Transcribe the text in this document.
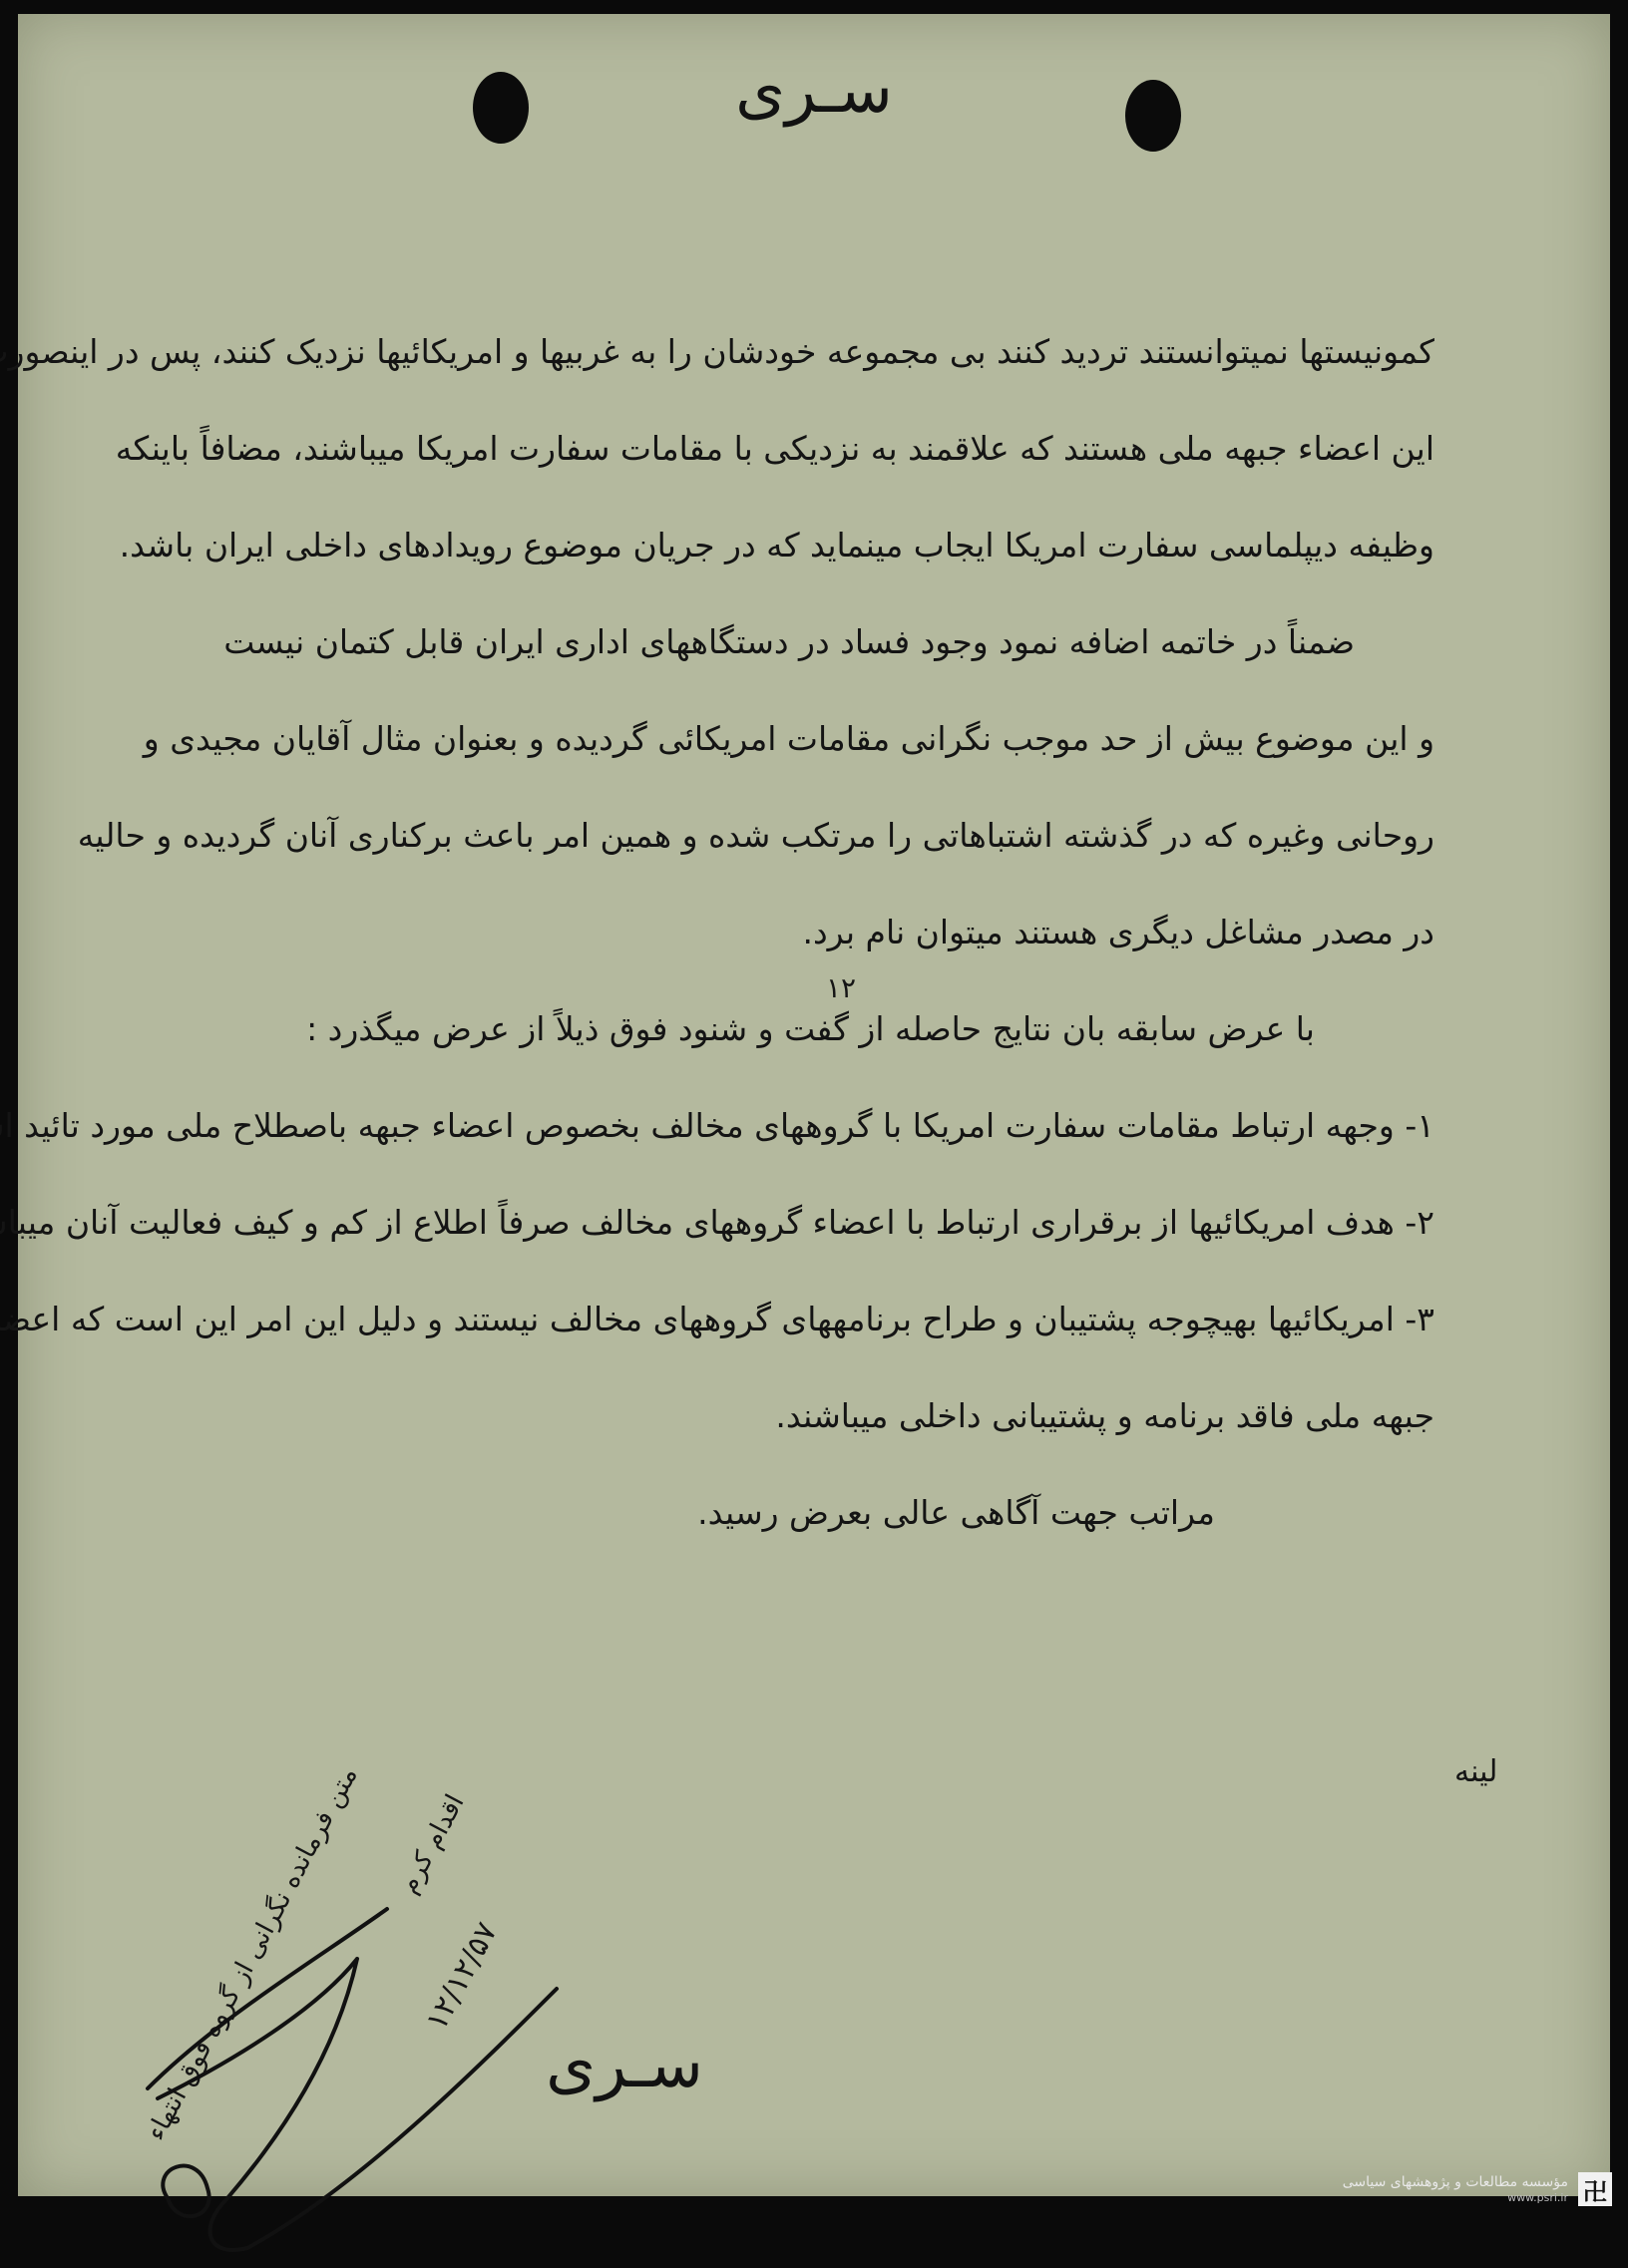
سـری
کمونیستها نمیتوانستند تردید کنند بی مجموعه خودشان را به غربیها و امریکائیها نزدیک کنند، پس در اینصورت
این اعضاء جبهه ملی هستند که علاقمند به نزدیکی با مقامات سفارت امریکا میباشند، مضافاً باینکه
وظیفه دیپلماسی سفارت امریکا ایجاب مینماید که در جریان موضوع رویدادهای داخلی ایران باشد.
ضمناً در خاتمه اضافه نمود وجود فساد در دستگاههای اداری ایران قابل کتمان نیست
و این موضوع بیش از حد موجب نگرانی مقامات امریکائی گردیده و بعنوان مثال آقایان مجیدی و
روحانی وغیره که در گذشته اشتباهاتی را مرتکب شده و همین امر باعث برکناری آنان گردیده و حالیه
در مصدر مشاغل دیگری هستند میتوان نام برد.
با عرض سابقه بان نتایج حاصله از گفت و شنود فوق ذیلاً از عرض میگذرد :
۱- وجهه ارتباط مقامات سفارت امریکا با گروههای مخالف بخصوص اعضاء جبهه باصطلاح ملی مورد تائید است.
۲- هدف امریکائیها از برقراری ارتباط با اعضاء گروههای مخالف صرفاً اطلاع از کم و کیف فعالیت آنان میباشد.
۳- امریکائیها بهیچوجه پشتیبان و طراح برنامههای گروههای مخالف نیستند و دلیل این امر این است که اعضاء
جبهه ملی فاقد برنامه و پشتیبانی داخلی میباشند.
مراتب جهت آگاهی عالی بعرض رسید.
۱۲
لینه
متن فرمانده نگرانی از گروه فوق انتهاء	اقدام کرم
۱۲/۱۲/۵۷
سـری
卍
مؤسسه مطالعات و پژوهشهای سیاسی
www.psri.ir
